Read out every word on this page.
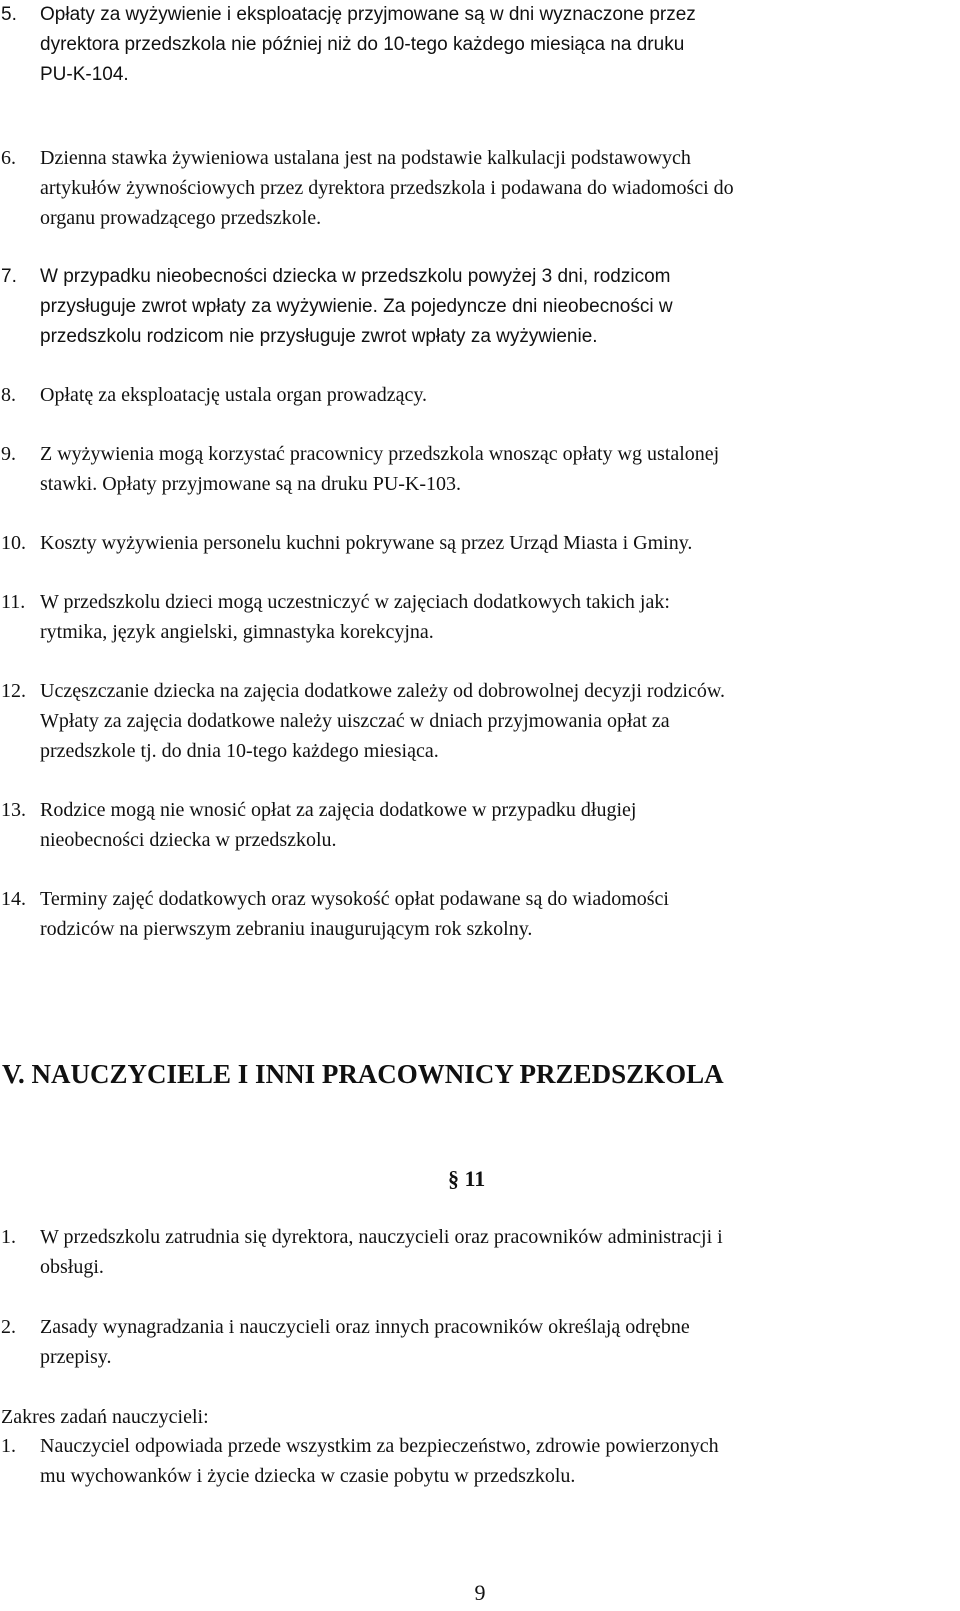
5.	Opłaty za wyżywienie i eksploatację przyjmowane są w dni wyznaczone przez
dyrektora przedszkola nie później niż do 10-tego każdego miesiąca na druku
PU-K-104.
6.	Dzienna stawka żywieniowa ustalana jest na podstawie kalkulacji podstawowych
artykułów żywnościowych przez dyrektora przedszkola i podawana do wiadomości do
organu prowadzącego przedszkole.
7.	W przypadku nieobecności dziecka w przedszkolu powyżej 3 dni, rodzicom
przysługuje zwrot wpłaty za wyżywienie. Za pojedyncze dni nieobecności w
przedszkolu rodzicom nie przysługuje zwrot wpłaty za wyżywienie.
8.	Opłatę za eksploatację ustala organ prowadzący.
9.	Z wyżywienia mogą korzystać pracownicy przedszkola wnosząc opłaty wg ustalonej
stawki. Opłaty przyjmowane są na druku PU-K-103.
10. Koszty wyżywienia personelu kuchni pokrywane są przez Urząd Miasta i Gminy.
11. W przedszkolu dzieci mogą uczestniczyć w zajęciach dodatkowych takich jak:
rytmika, język angielski, gimnastyka korekcyjna.
12. Uczęszczanie dziecka na zajęcia dodatkowe zależy od dobrowolnej decyzji rodziców.
Wpłaty za zajęcia dodatkowe należy uiszczać w dniach przyjmowania opłat za
przedszkole tj. do dnia 10-tego każdego miesiąca.
13. Rodzice mogą nie wnosić opłat za zajęcia dodatkowe w przypadku długiej
nieobecności dziecka w przedszkolu.
14. Terminy zajęć dodatkowych oraz wysokość opłat podawane są do wiadomości
rodziców na pierwszym zebraniu inaugurującym rok szkolny.
V. NAUCZYCIELE I INNI PRACOWNICY PRZEDSZKOLA
§ 11
1.	W przedszkolu zatrudnia się dyrektora, nauczycieli oraz pracowników administracji i
obsługi.
2.	Zasady wynagradzania i nauczycieli oraz innych pracowników określają odrębne
przepisy.
Zakres zadań nauczycieli:
1.	Nauczyciel odpowiada przede wszystkim za bezpieczeństwo, zdrowie powierzonych
mu wychowanków i życie dziecka w czasie pobytu w przedszkolu.
9
